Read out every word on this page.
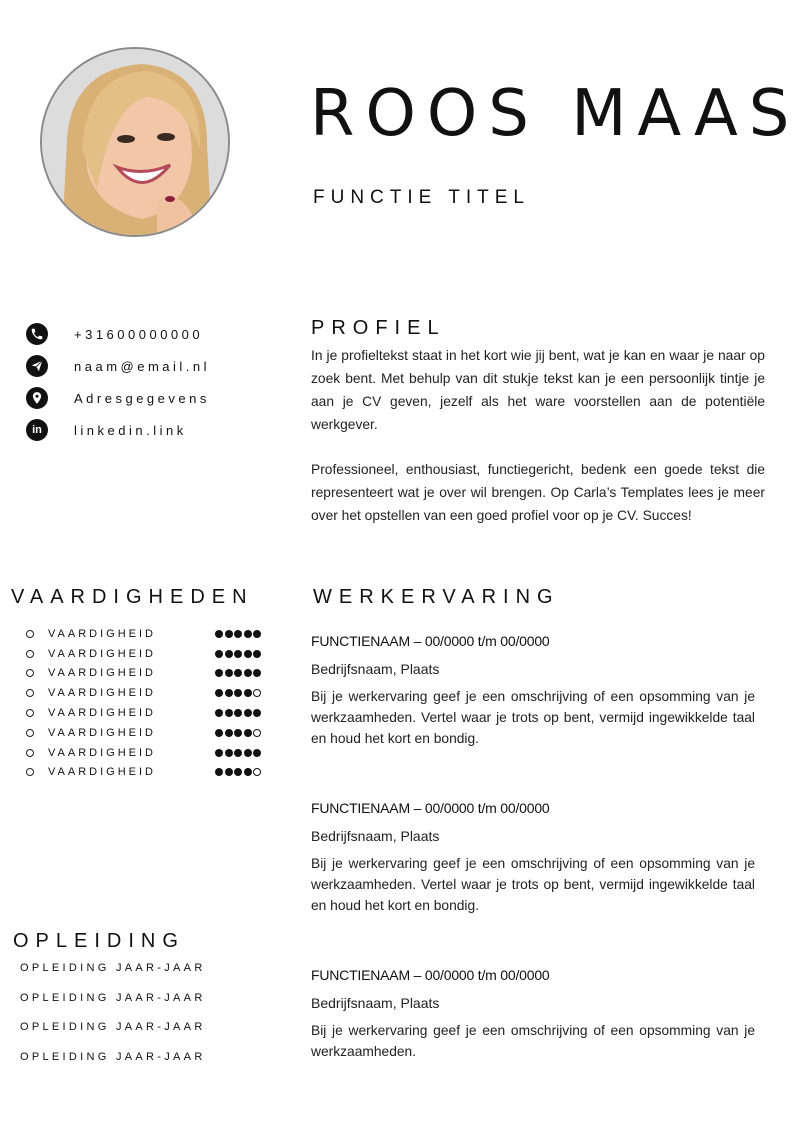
ROOS MAAS
FUNCTIE TITEL
+31600000000
naam@email.nl
Adresgegevens
in	linkedin.link
PROFIEL

In je profieltekst staat in het kort wie jij bent, wat je kan en waar je naar op zoek bent. Met behulp van dit stukje tekst kan je een persoonlijk tintje je aan je CV geven, jezelf als het ware voorstellen aan de potentiële werkgever.

Professioneel, enthousiast, functiegericht, bedenk een goede tekst die representeert wat je over wil brengen. Op Carla’s Templates lees je meer over het opstellen van een goed profiel voor op je CV. Succes!

VAARDIGHEDEN
VAARDIGHEID
VAARDIGHEID
VAARDIGHEID
VAARDIGHEID
VAARDIGHEID
VAARDIGHEID
VAARDIGHEID
VAARDIGHEID
OPLEIDING
OPLEIDING JAAR-JAAR
OPLEIDING JAAR-JAAR
OPLEIDING JAAR-JAAR
OPLEIDING JAAR-JAAR
WERKERVARING
FUNCTIENAAM – 00/0000 t/m 00/0000
Bedrijfsnaam, Plaats
Bij je werkervaring geef je een omschrijving of een opsomming van je werkzaamheden. Vertel waar je trots op bent, vermijd ingewikkelde taal en houd het kort en bondig.
FUNCTIENAAM – 00/0000 t/m 00/0000
Bedrijfsnaam, Plaats
Bij je werkervaring geef je een omschrijving of een opsomming van je werkzaamheden. Vertel waar je trots op bent, vermijd ingewikkelde taal en houd het kort en bondig.
FUNCTIENAAM – 00/0000 t/m 00/0000
Bedrijfsnaam, Plaats
Bij je werkervaring geef je een omschrijving of een opsomming van je werkzaamheden.
